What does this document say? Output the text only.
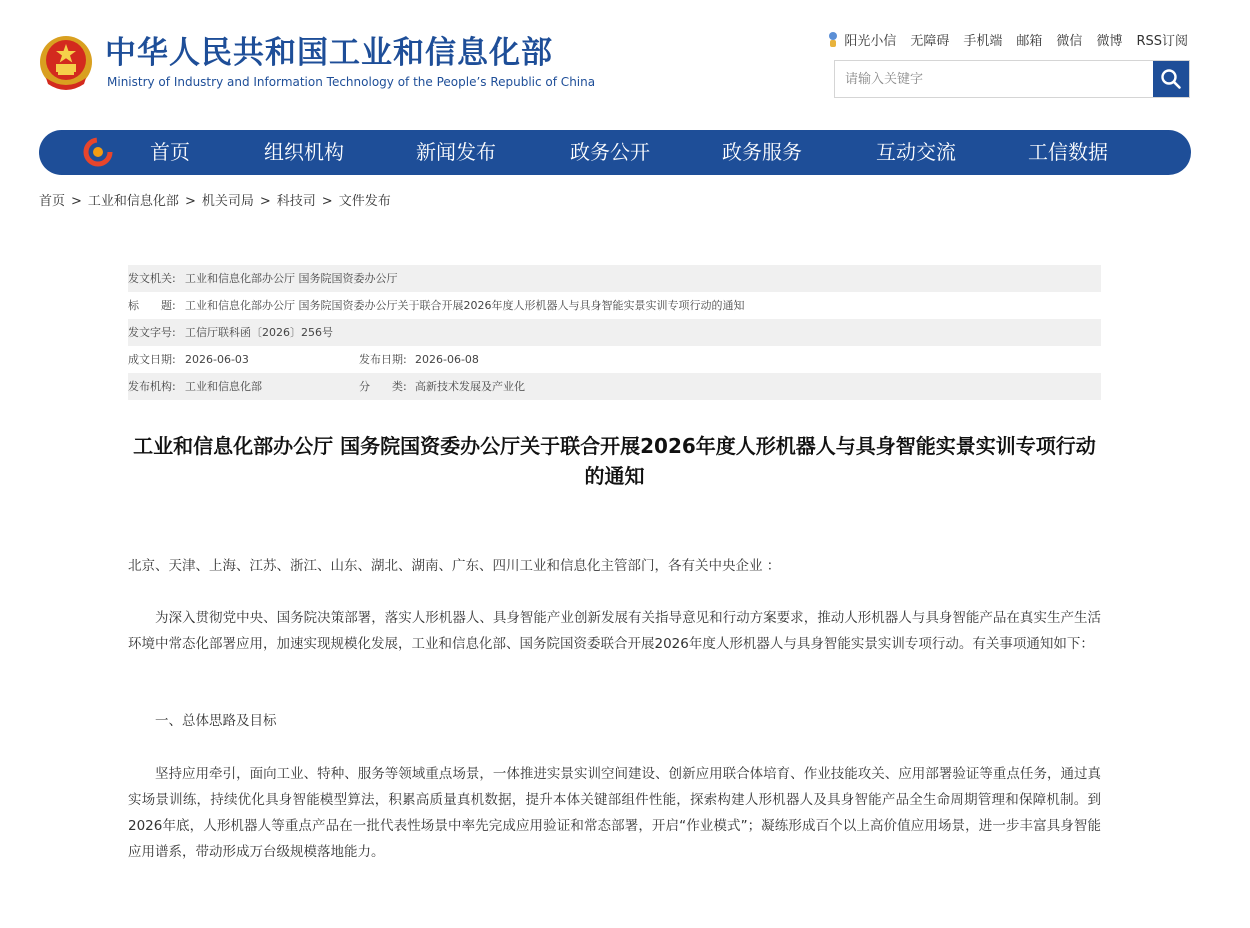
中华人民共和国工业和信息化部
Ministry of Industry and Information Technology of the People’s Republic of China
阳光小信 无障碍 手机端 邮箱 微信 微博 RSS订阅
请输入关键字
首页	组织机构	新闻发布	政务公开	政务服务	互动交流	工信数据
首页 > 工业和信息化部 > 机关司局 > 科技司 > 文件发布
发文机关: 工业和信息化部办公厅 国务院国资委办公厅
标　　题: 工业和信息化部办公厅 国务院国资委办公厅关于联合开展2026年度人形机器人与具身智能实景实训专项行动的通知
发文字号: 工信厅联科函〔2026〕256号
成文日期: 2026-06-03	发布日期: 2026-06-08
发布机构: 工业和信息化部	分　　类: 高新技术发展及产业化
工业和信息化部办公厅 国务院国资委办公厅关于联合开展2026年度人形机器人与具身智能实景实训专项行动的通知
北京、天津、上海、江苏、浙江、山东、湖北、湖南、广东、四川工业和信息化主管部门，各有关中央企业 ：
为深入贯彻党中央、国务院决策部署，落实人形机器人、具身智能产业创新发展有关指导意见和行动方案要求，推动人形机器人与具身智能产品在真实生产生活环境中常态化部署应用，加速实现规模化发展，工业和信息化部、国务院国资委联合开展2026年度人形机器人与具身智能实景实训专项行动。有关事项通知如下：
一、总体思路及目标
坚持应用牵引，面向工业、特种、服务等领域重点场景，一体推进实景实训空间建设、创新应用联合体培育、作业技能攻关、应用部署验证等重点任务，通过真实场景训练，持续优化具身智能模型算法，积累高质量真机数据，提升本体关键部组件性能，探索构建人形机器人及具身智能产品全生命周期管理和保障机制。到2026年底，人形机器人等重点产品在一批代表性场景中率先完成应用验证和常态部署，开启“作业模式”；凝练形成百个以上高价值应用场景，进一步丰富具身智能应用谱系，带动形成万台级规模落地能力。
